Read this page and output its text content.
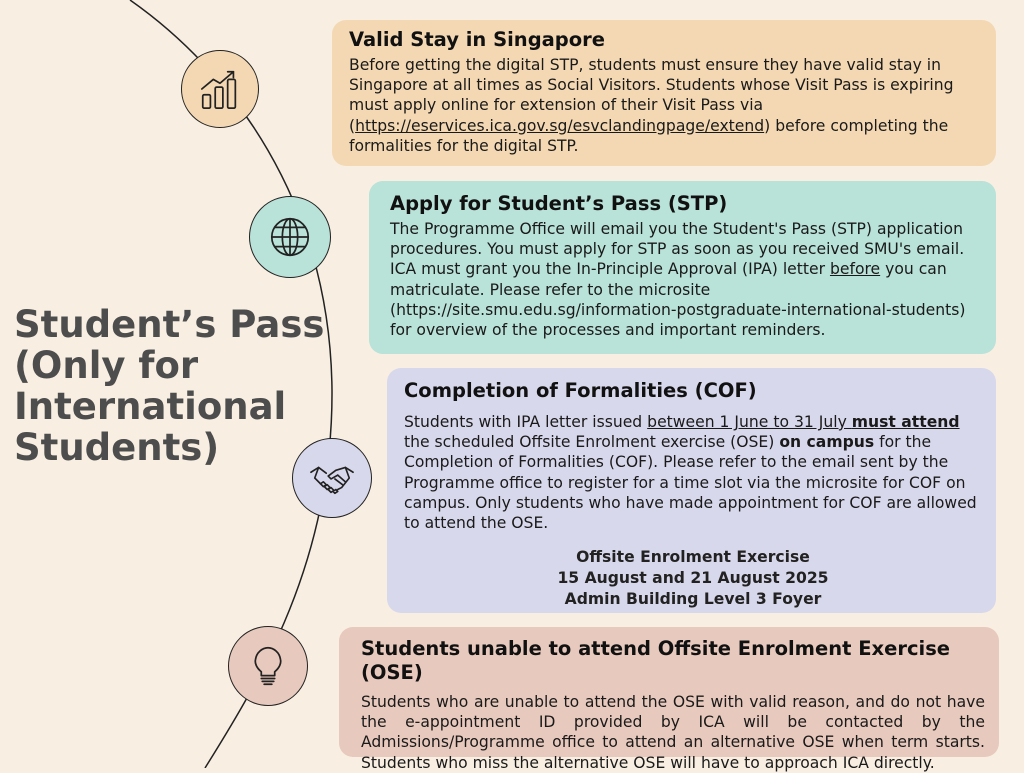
Student’s Pass
(Only for
International
Students)
Valid Stay in Singapore

Before getting the digital STP, students must ensure they have valid stay in Singapore at all times as Social Visitors. Students whose Visit Pass is expiring must apply online for extension of their Visit Pass via (https://eservices.ica.gov.sg/esvclandingpage/extend) before completing the formalities for the digital STP.

Apply for Student’s Pass (STP)

The Programme Office will email you the Student's Pass (STP) application procedures. You must apply for STP as soon as you received SMU's email. ICA must grant you the In-Principle Approval (IPA) letter before you can matriculate. Please refer to the microsite (https://site.smu.edu.sg/information-postgraduate-international-students) for overview of the processes and important reminders.

Completion of Formalities (COF)

Students with IPA letter issued between 1 June to 31 July must attend the scheduled Offsite Enrolment exercise (OSE) on campus for the Completion of Formalities (COF). Please refer to the email sent by the Programme office to register for a time slot via the microsite for COF on campus. Only students who have made appointment for COF are allowed to attend the OSE.

Offsite Enrolment Exercise
15 August and 21 August 2025
Admin Building Level 3 Foyer
Students unable to attend Offsite Enrolment Exercise (OSE)

Students who are unable to attend the OSE with valid reason, and do not have the e-appointment ID provided by ICA will be contacted by the Admissions/Programme office to attend an alternative OSE when term starts. Students who miss the alternative OSE will have to approach ICA directly.
